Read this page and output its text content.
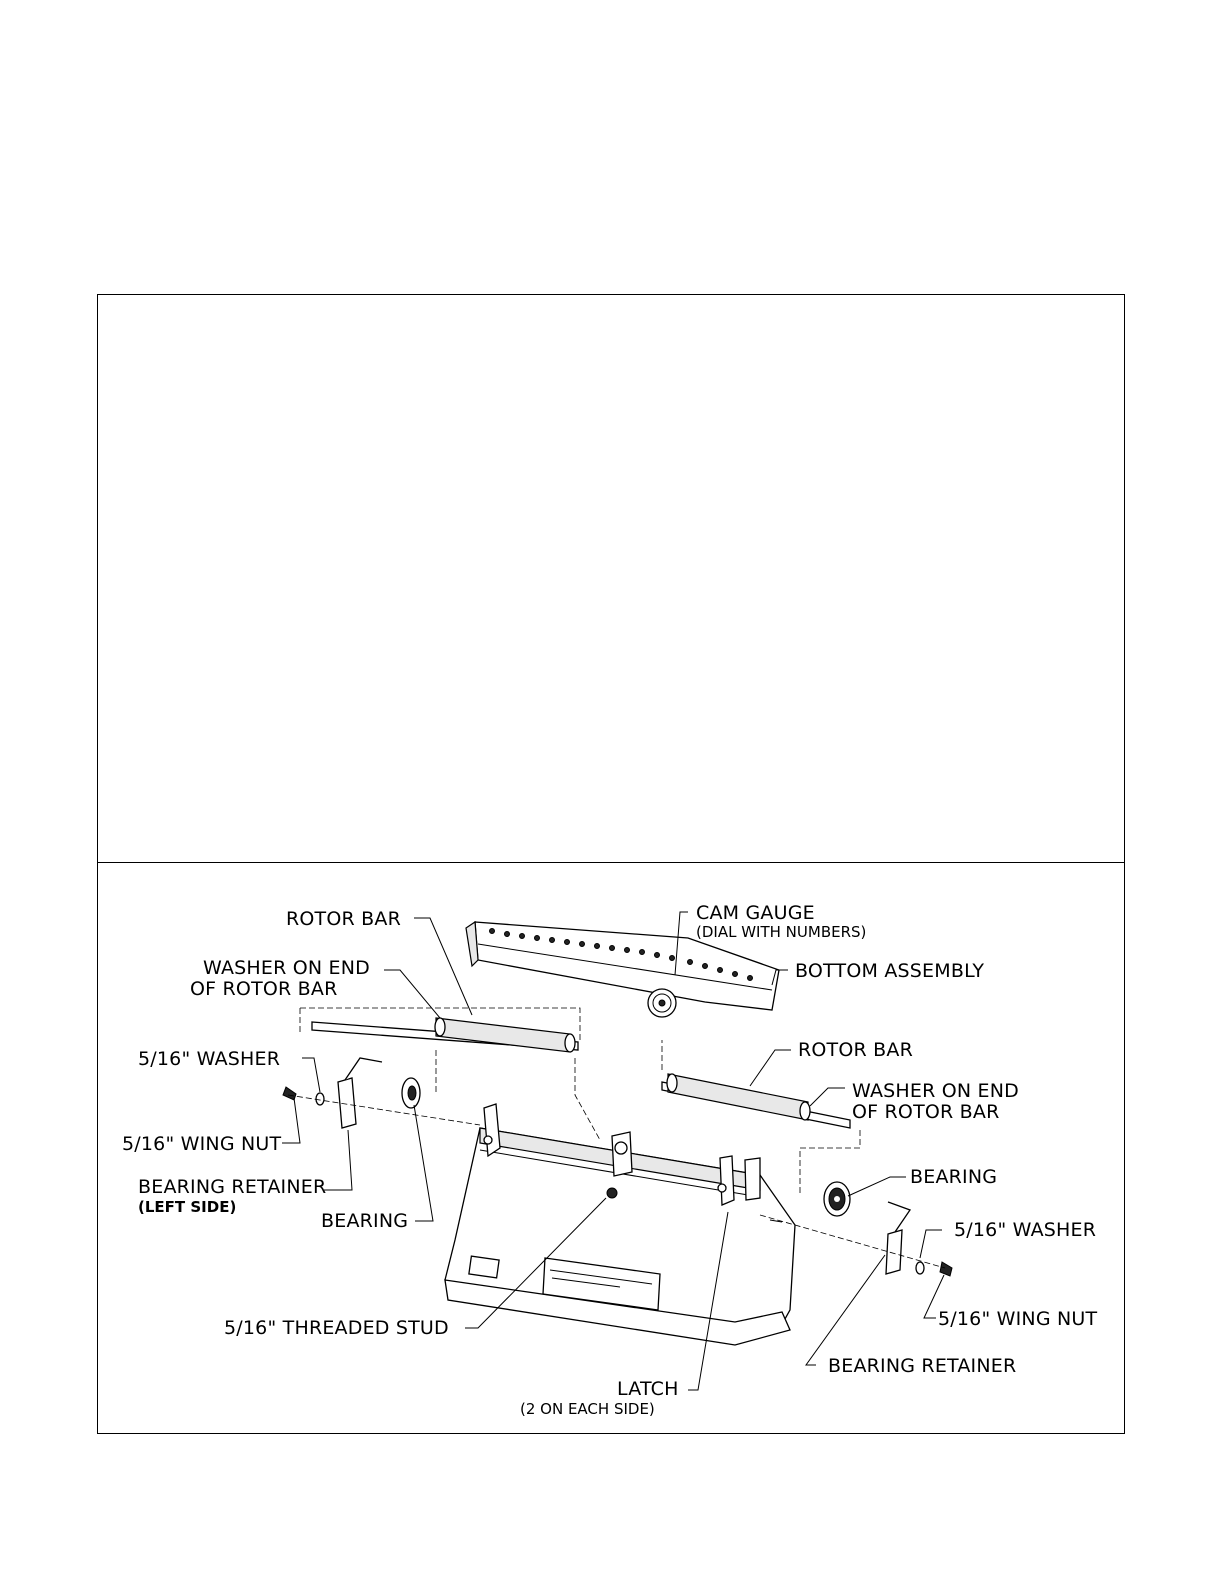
ROTOR BAR
WASHER ON END
OF ROTOR BAR
CAM GAUGE
(DIAL WITH NUMBERS)
BOTTOM ASSEMBLY
ROTOR BAR
WASHER ON END
OF ROTOR BAR
5/16" WASHER
5/16" WING NUT
BEARING RETAINER
(LEFT SIDE)
BEARING
BEARING
5/16" WASHER
5/16" WING NUT
5/16" THREADED STUD
LATCH
(2 ON EACH SIDE)
BEARING RETAINER
